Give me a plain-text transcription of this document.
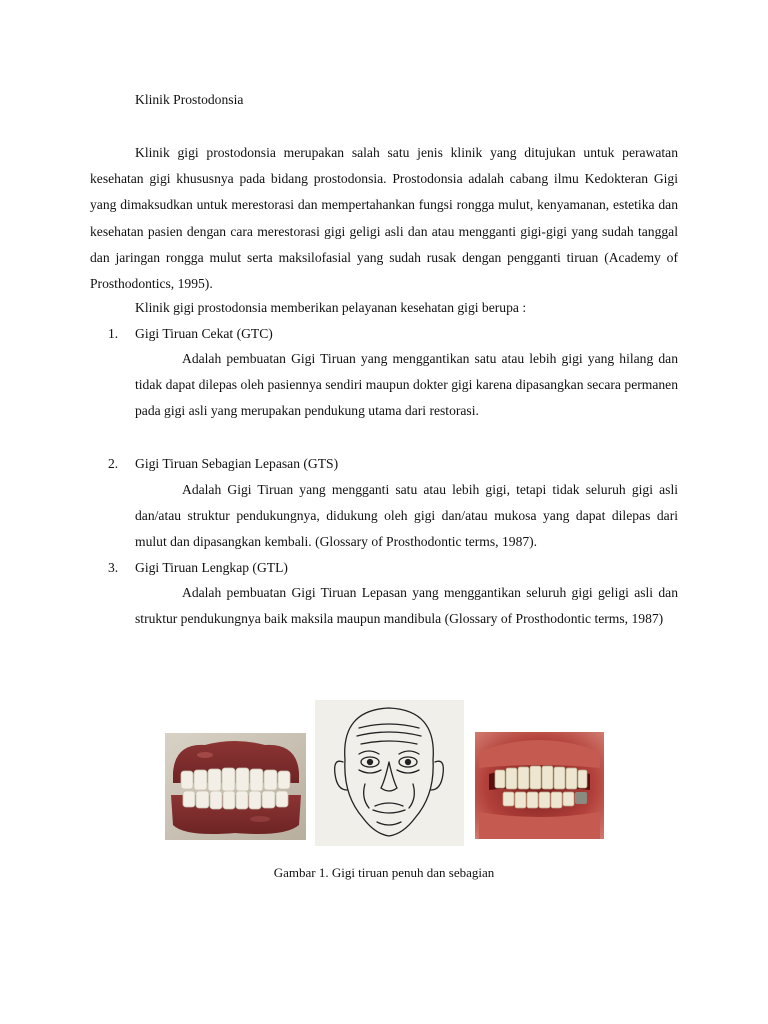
Klinik Prostodonsia

Klinik gigi prostodonsia merupakan salah satu jenis klinik yang ditujukan untuk perawatan kesehatan gigi khususnya pada bidang prostodonsia. Prostodonsia adalah cabang ilmu Kedokteran Gigi yang dimaksudkan untuk merestorasi dan mempertahankan fungsi rongga mulut, kenyamanan, estetika dan kesehatan pasien dengan cara merestorasi gigi geligi asli dan atau mengganti gigi-gigi yang sudah tanggal dan jaringan rongga mulut serta maksilofasial yang sudah rusak dengan pengganti tiruan (Academy of Prosthodontics, 1995).

Klinik gigi prostodonsia memberikan pelayanan kesehatan gigi berupa :

1. Gigi Tiruan Cekat (GTC)

Adalah pembuatan Gigi Tiruan yang menggantikan satu atau lebih gigi yang hilang dan tidak dapat dilepas oleh pasiennya sendiri maupun dokter gigi karena dipasangkan secara permanen pada gigi asli yang merupakan pendukung utama dari restorasi.

2. Gigi Tiruan Sebagian Lepasan (GTS)

Adalah Gigi Tiruan yang mengganti satu atau lebih gigi, tetapi tidak seluruh gigi asli dan/atau struktur pendukungnya, didukung oleh gigi dan/atau mukosa yang dapat dilepas dari mulut dan dipasangkan kembali. (Glossary of Prosthodontic terms, 1987).

3. Gigi Tiruan Lengkap (GTL)

Adalah pembuatan Gigi Tiruan Lepasan yang menggantikan seluruh gigi geligi asli dan struktur pendukungnya baik maksila maupun mandibula (Glossary of Prosthodontic terms, 1987)

Gambar 1. Gigi tiruan penuh dan sebagian
